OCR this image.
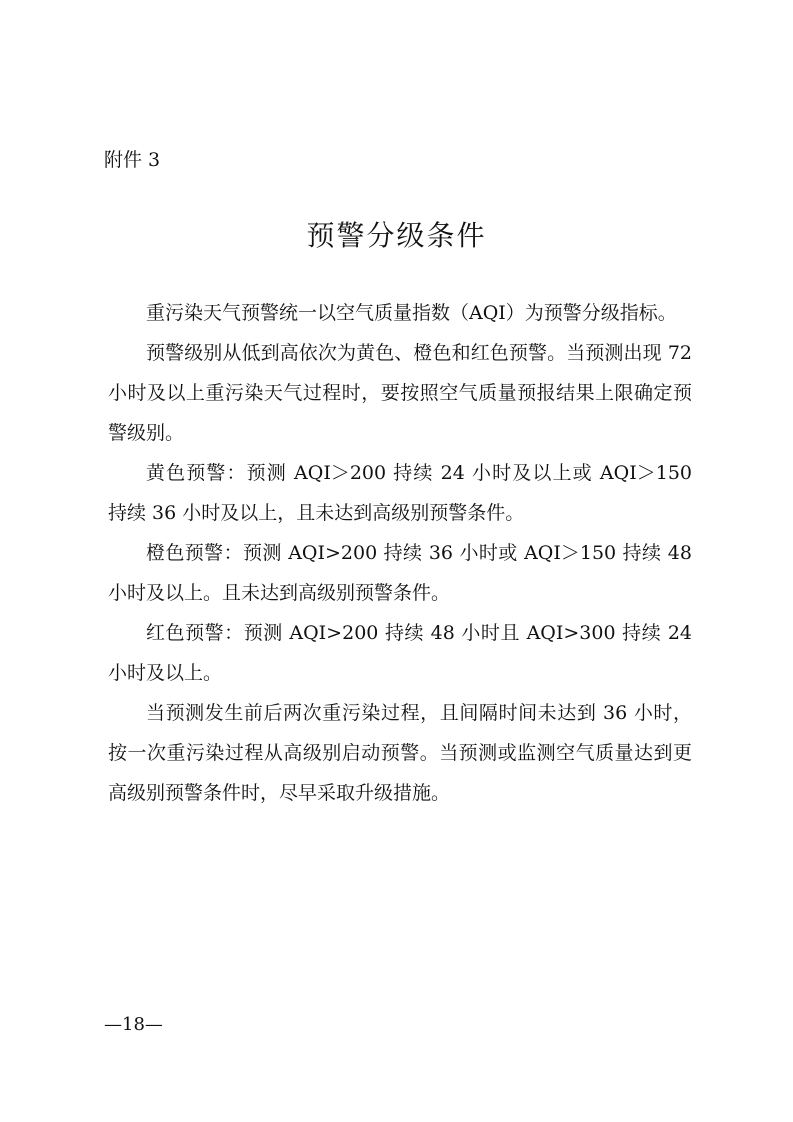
附件 3
预警分级条件

重污染天气预警统一以空气质量指数（AQI）为预警分级指标。

预警级别从低到高依次为黄色、橙色和红色预警。当预测出现 72 小时及以上重污染天气过程时，要按照空气质量预报结果上限确定预警级别。

黄色预警：预测 AQI＞200 持续 24 小时及以上或 AQI＞150 持续 36 小时及以上，且未达到高级别预警条件。

橙色预警：预测 AQI>200 持续 36 小时或 AQI＞150 持续 48 小时及以上。且未达到高级别预警条件。

红色预警：预测 AQI>200 持续 48 小时且 AQI>300 持续 24 小时及以上。

当预测发生前后两次重污染过程，且间隔时间未达到 36 小时，按一次重污染过程从高级别启动预警。当预测或监测空气质量达到更高级别预警条件时，尽早采取升级措施。

—18—
